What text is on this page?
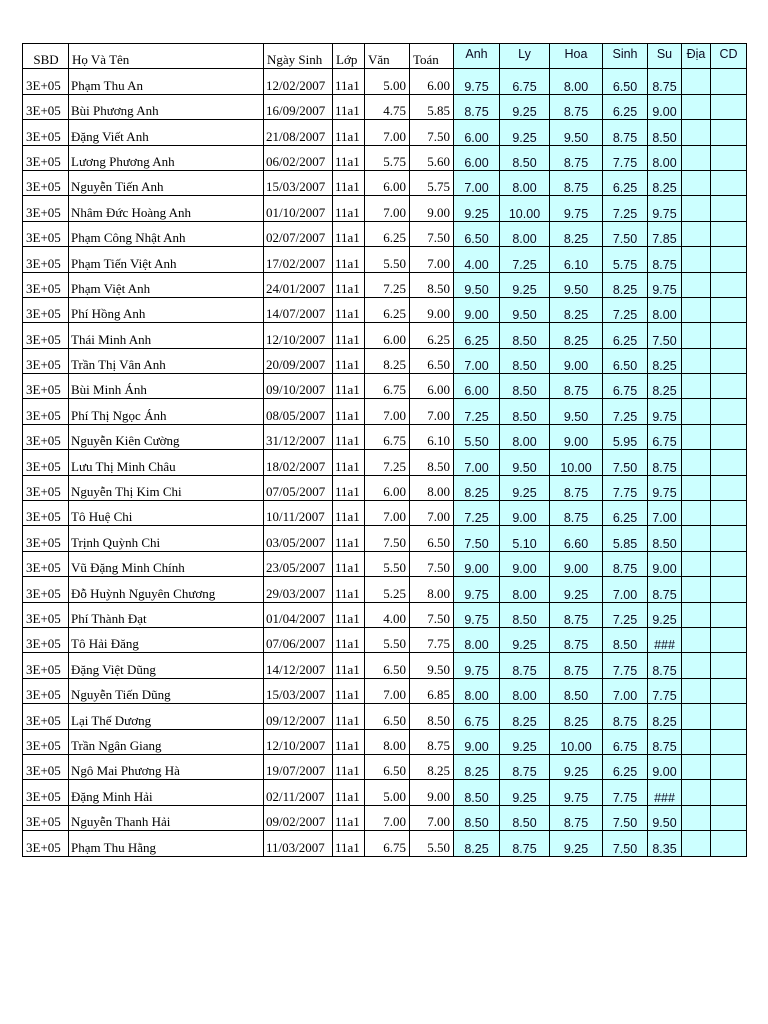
SBD	Họ Và Tên	Ngày Sinh	Lớp	Văn	Toán	Anh	Ly	Hoa	Sinh	Su	Địa	CD
3E+05	Phạm Thu An	12/02/2007	11a1	5.00	6.00	9.75	6.75	8.00	6.50	8.75		
3E+05	Bùi Phương Anh	16/09/2007	11a1	4.75	5.85	8.75	9.25	8.75	6.25	9.00		
3E+05	Đặng Viết Anh	21/08/2007	11a1	7.00	7.50	6.00	9.25	9.50	8.75	8.50		
3E+05	Lương Phương Anh	06/02/2007	11a1	5.75	5.60	6.00	8.50	8.75	7.75	8.00		
3E+05	Nguyễn Tiến Anh	15/03/2007	11a1	6.00	5.75	7.00	8.00	8.75	6.25	8.25		
3E+05	Nhâm Đức Hoàng Anh	01/10/2007	11a1	7.00	9.00	9.25	10.00	9.75	7.25	9.75		
3E+05	Phạm Công Nhật Anh	02/07/2007	11a1	6.25	7.50	6.50	8.00	8.25	7.50	7.85		
3E+05	Phạm Tiến Việt Anh	17/02/2007	11a1	5.50	7.00	4.00	7.25	6.10	5.75	8.75		
3E+05	Phạm Việt Anh	24/01/2007	11a1	7.25	8.50	9.50	9.25	9.50	8.25	9.75		
3E+05	Phí Hồng Anh	14/07/2007	11a1	6.25	9.00	9.00	9.50	8.25	7.25	8.00		
3E+05	Thái Minh Anh	12/10/2007	11a1	6.00	6.25	6.25	8.50	8.25	6.25	7.50		
3E+05	Trần Thị Vân Anh	20/09/2007	11a1	8.25	6.50	7.00	8.50	9.00	6.50	8.25		
3E+05	Bùi Minh Ánh	09/10/2007	11a1	6.75	6.00	6.00	8.50	8.75	6.75	8.25		
3E+05	Phí Thị Ngọc Ánh	08/05/2007	11a1	7.00	7.00	7.25	8.50	9.50	7.25	9.75		
3E+05	Nguyễn Kiên Cường	31/12/2007	11a1	6.75	6.10	5.50	8.00	9.00	5.95	6.75		
3E+05	Lưu Thị Minh Châu	18/02/2007	11a1	7.25	8.50	7.00	9.50	10.00	7.50	8.75		
3E+05	Nguyễn Thị Kim Chi	07/05/2007	11a1	6.00	8.00	8.25	9.25	8.75	7.75	9.75		
3E+05	Tô Huệ Chi	10/11/2007	11a1	7.00	7.00	7.25	9.00	8.75	6.25	7.00		
3E+05	Trịnh Quỳnh Chi	03/05/2007	11a1	7.50	6.50	7.50	5.10	6.60	5.85	8.50		
3E+05	Vũ Đặng Minh Chính	23/05/2007	11a1	5.50	7.50	9.00	9.00	9.00	8.75	9.00		
3E+05	Đỗ Huỳnh Nguyên Chương	29/03/2007	11a1	5.25	8.00	9.75	8.00	9.25	7.00	8.75		
3E+05	Phí Thành Đạt	01/04/2007	11a1	4.00	7.50	9.75	8.50	8.75	7.25	9.25		
3E+05	Tô Hải Đăng	07/06/2007	11a1	5.50	7.75	8.00	9.25	8.75	8.50	###		
3E+05	Đặng Việt Dũng	14/12/2007	11a1	6.50	9.50	9.75	8.75	8.75	7.75	8.75		
3E+05	Nguyễn Tiến Dũng	15/03/2007	11a1	7.00	6.85	8.00	8.00	8.50	7.00	7.75		
3E+05	Lại Thế Dương	09/12/2007	11a1	6.50	8.50	6.75	8.25	8.25	8.75	8.25		
3E+05	Trần Ngân Giang	12/10/2007	11a1	8.00	8.75	9.00	9.25	10.00	6.75	8.75		
3E+05	Ngô Mai Phương Hà	19/07/2007	11a1	6.50	8.25	8.25	8.75	9.25	6.25	9.00		
3E+05	Đặng Minh Hải	02/11/2007	11a1	5.00	9.00	8.50	9.25	9.75	7.75	###		
3E+05	Nguyễn Thanh Hải	09/02/2007	11a1	7.00	7.00	8.50	8.50	8.75	7.50	9.50		
3E+05	Phạm Thu Hằng	11/03/2007	11a1	6.75	5.50	8.25	8.75	9.25	7.50	8.35		
